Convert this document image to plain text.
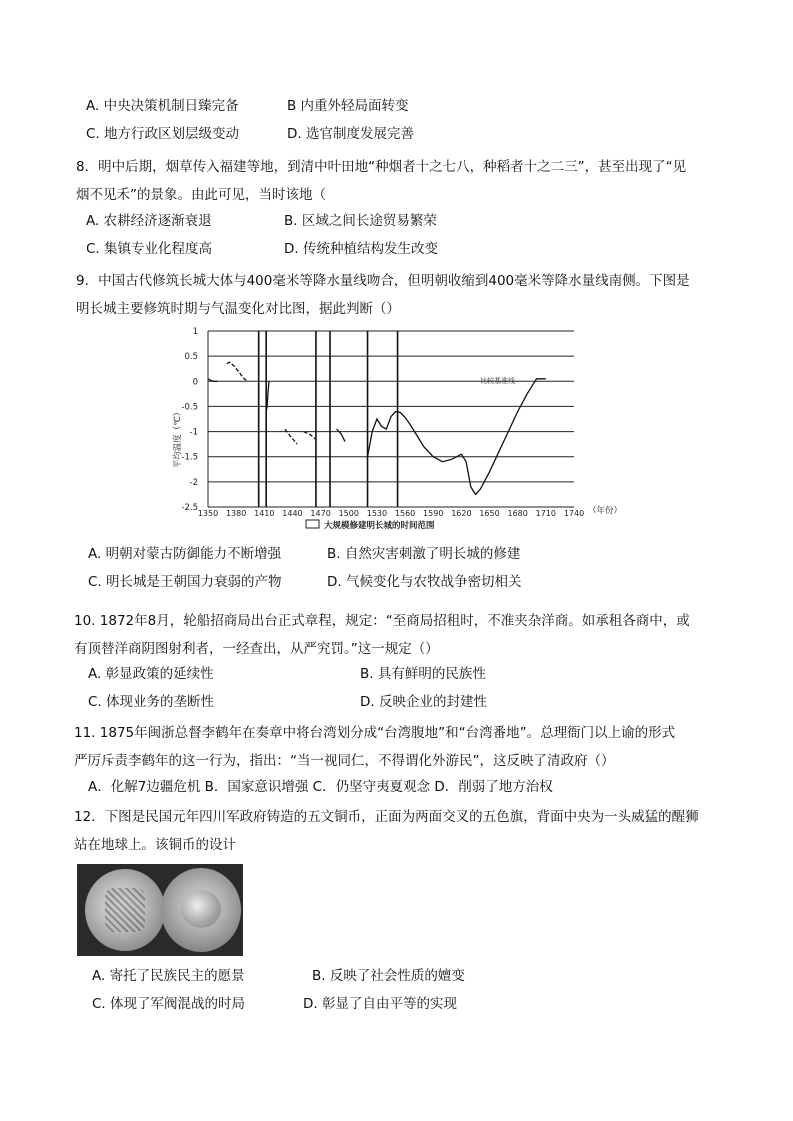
A. 中央决策机制日臻完备	B 内重外轻局面转变
C. 地方行政区划层级变动	D. 选官制度发展完善
8．明中后期，烟草传入福建等地，到清中叶田地“种烟者十之七八，种稻者十之二三”，甚至出现了“见
烟不见禾”的景象。由此可见，当时该地（
A. 农耕经济逐渐衰退	B. 区域之间长途贸易繁荣
C. 集镇专业化程度高	D. 传统种植结构发生改变
9．中国古代修筑长城大体与400毫米等降水量线吻合，但明朝收缩到400毫米等降水量线南侧。下图是
明长城主要修筑时期与气温变化对比图，据此判断（）
1
0.5
0
-0.5
-1
-1.5
-2
-2.5
1350 1380 1410 1440 1470 1500 1530 1560 1590 1620 1650 1680 1710 1740
平均温度（℃）
比较基准线
（年份）
大规模修建明长城的时间范围
A. 明朝对蒙古防御能力不断增强	B. 自然灾害刺激了明长城的修建
C. 明长城是王朝国力衰弱的产物	D. 气候变化与农牧战争密切相关
10. 1872年8月，轮船招商局出台正式章程，规定：“至商局招租时，不准夹杂洋商。如承租各商中，或
有顶替洋商阴图射利者，一经查出，从严究罚。”这一规定（）
A. 彰显政策的延续性	B. 具有鲜明的民族性
C. 体现业务的垄断性	D. 反映企业的封建性
11. 1875年闽浙总督李鹤年在奏章中将台湾划分成“台湾腹地”和“台湾番地”。总理衙门以上谕的形式
严厉斥责李鹤年的这一行为，指出：“当一视同仁，不得谓化外游民”，这反映了清政府（）
A．化解7边疆危机 B．国家意识增强 C．仍坚守夷夏观念 D．削弱了地方治权
12．下图是民国元年四川军政府铸造的五文铜币，正面为两面交叉的五色旗，背面中央为一头威猛的醒狮
站在地球上。该铜币的设计
A. 寄托了民族民主的愿景	B. 反映了社会性质的嬗变
C. 体现了军阀混战的时局	D. 彰显了自由平等的实现
